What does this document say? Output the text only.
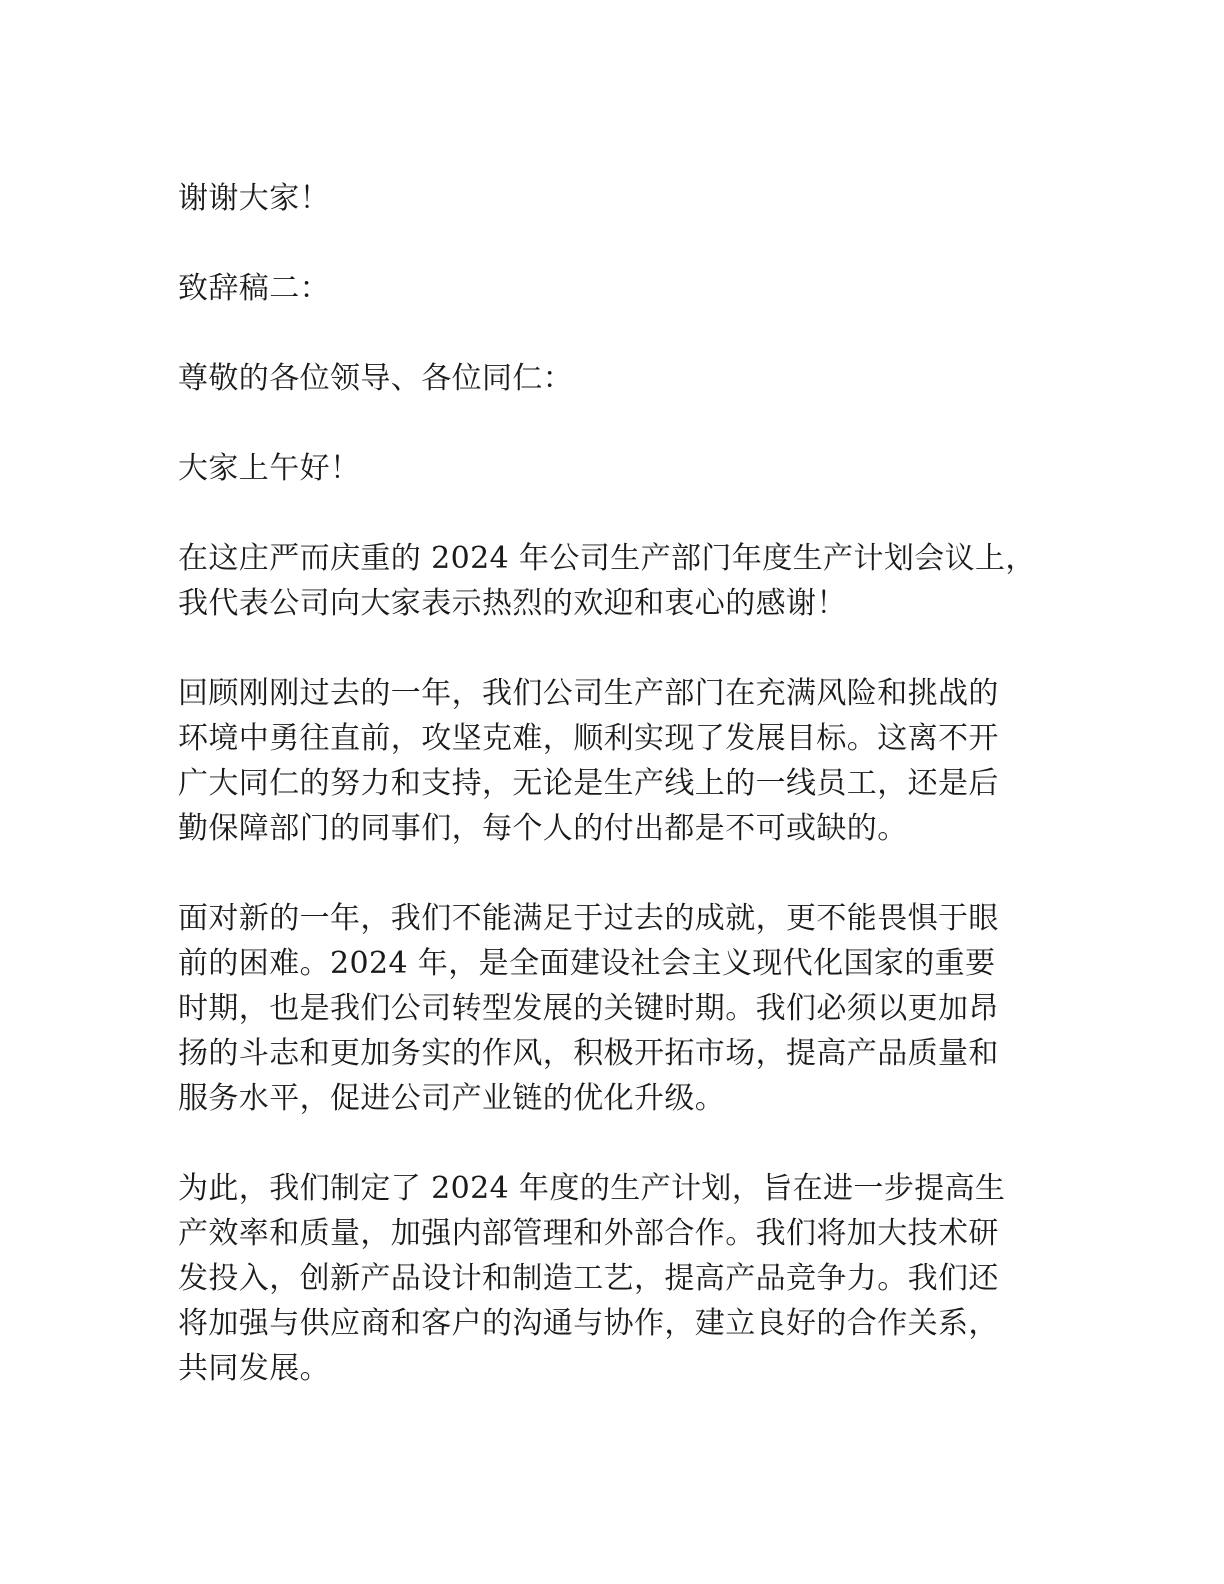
谢谢大家！

致辞稿二：

尊敬的各位领导、各位同仁：

大家上午好！

在这庄严而庆重的 2024 年公司生产部门年度生产计划会议上，
我代表公司向大家表示热烈的欢迎和衷心的感谢！

回顾刚刚过去的一年，我们公司生产部门在充满风险和挑战的
环境中勇往直前，攻坚克难，顺利实现了发展目标。这离不开
广大同仁的努力和支持，无论是生产线上的一线员工，还是后
勤保障部门的同事们，每个人的付出都是不可或缺的。

面对新的一年，我们不能满足于过去的成就，更不能畏惧于眼
前的困难。2024 年，是全面建设社会主义现代化国家的重要
时期，也是我们公司转型发展的关键时期。我们必须以更加昂
扬的斗志和更加务实的作风，积极开拓市场，提高产品质量和
服务水平，促进公司产业链的优化升级。

为此，我们制定了 2024 年度的生产计划，旨在进一步提高生
产效率和质量，加强内部管理和外部合作。我们将加大技术研
发投入，创新产品设计和制造工艺，提高产品竞争力。我们还
将加强与供应商和客户的沟通与协作，建立良好的合作关系，
共同发展。
